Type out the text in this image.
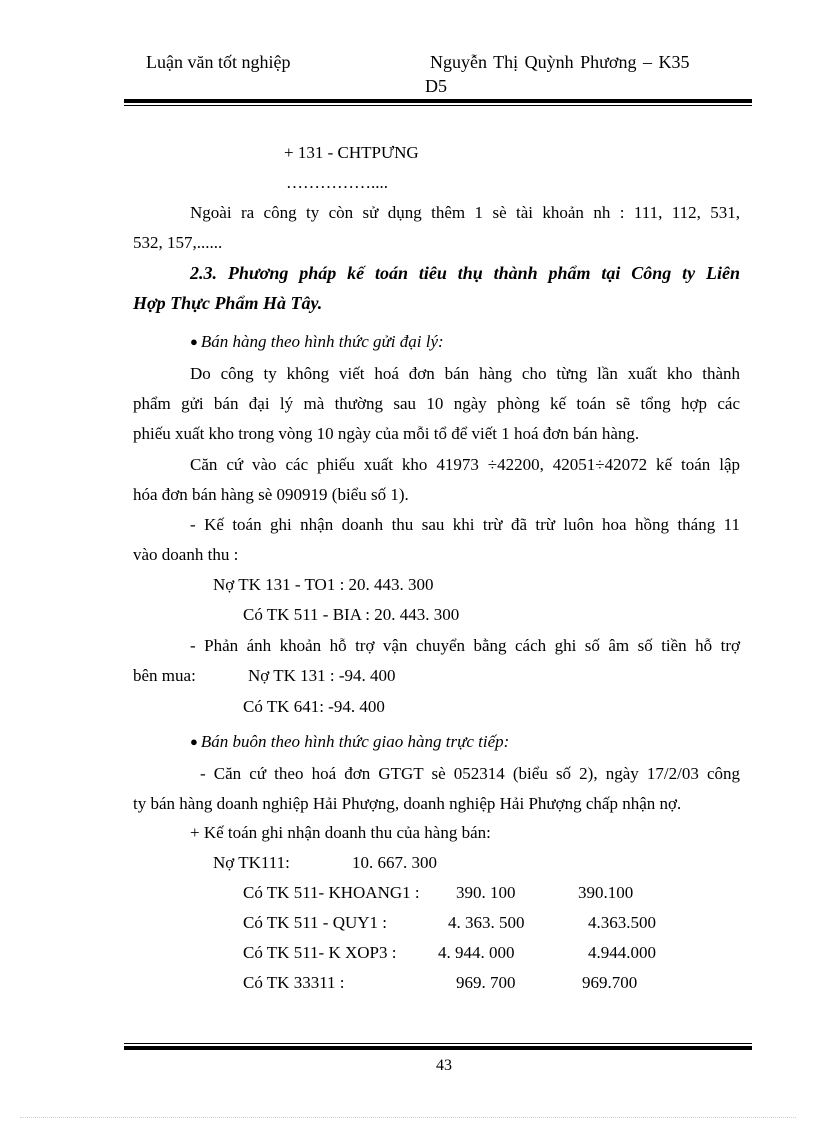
Luận văn tốt nghiệp	Nguyễn Thị Quỳnh Phương – K35
D5
+ 131 - CHTPƯNG
……………....
Ngoài ra công ty còn sử dụng thêm 1 sè tài khoản nh : 111, 112, 531,
532, 157,......
2.3. Phương pháp kế toán tiêu thụ thành phẩm tại Công ty Liên
Hợp Thực Phẩm Hà Tây.
● Bán hàng theo hình thức gửi đại lý:
Do công ty không viết hoá đơn bán hàng cho từng lần xuất kho thành
phẩm gửi bán đại lý mà thường sau 10 ngày phòng kế toán sẽ tổng hợp các
phiếu xuất kho trong vòng 10 ngày của mỗi tổ để viết 1 hoá đơn bán hàng.
Căn cứ vào các phiếu xuất kho 41973 ÷42200, 42051÷42072 kế toán lập
hóa đơn bán hàng sè 090919 (biểu số 1).
- Kế toán ghi nhận doanh thu sau khi trừ đã trừ luôn hoa hồng tháng 11
vào doanh thu :
Nợ TK 131 - TO1 : 20. 443. 300
Có TK 511 - BIA : 20. 443. 300
- Phản ánh khoản hỗ trợ vận chuyển bằng cách ghi số âm số tiền hỗ trợ
bên mua:	Nợ TK 131 : -94. 400
Có TK 641: -94. 400
● Bán buôn theo hình thức giao hàng trực tiếp:
- Căn cứ theo hoá đơn GTGT sè 052314 (biểu số 2), ngày 17/2/03 công
ty bán hàng doanh nghiệp Hải Phượng, doanh nghiệp Hải Phượng chấp nhận nợ.
+ Kế toán ghi nhận doanh thu của hàng bán:
Nợ TK111:	10. 667. 300
Có TK 511- KHOANG1 : 390. 100	390.100
Có TK 511 - QUY1 :	4. 363. 500	4.363.500
Có TK 511- K XOP3 : 4. 944. 000	4.944.000
Có TK 33311 :	969. 700	969.700
43
